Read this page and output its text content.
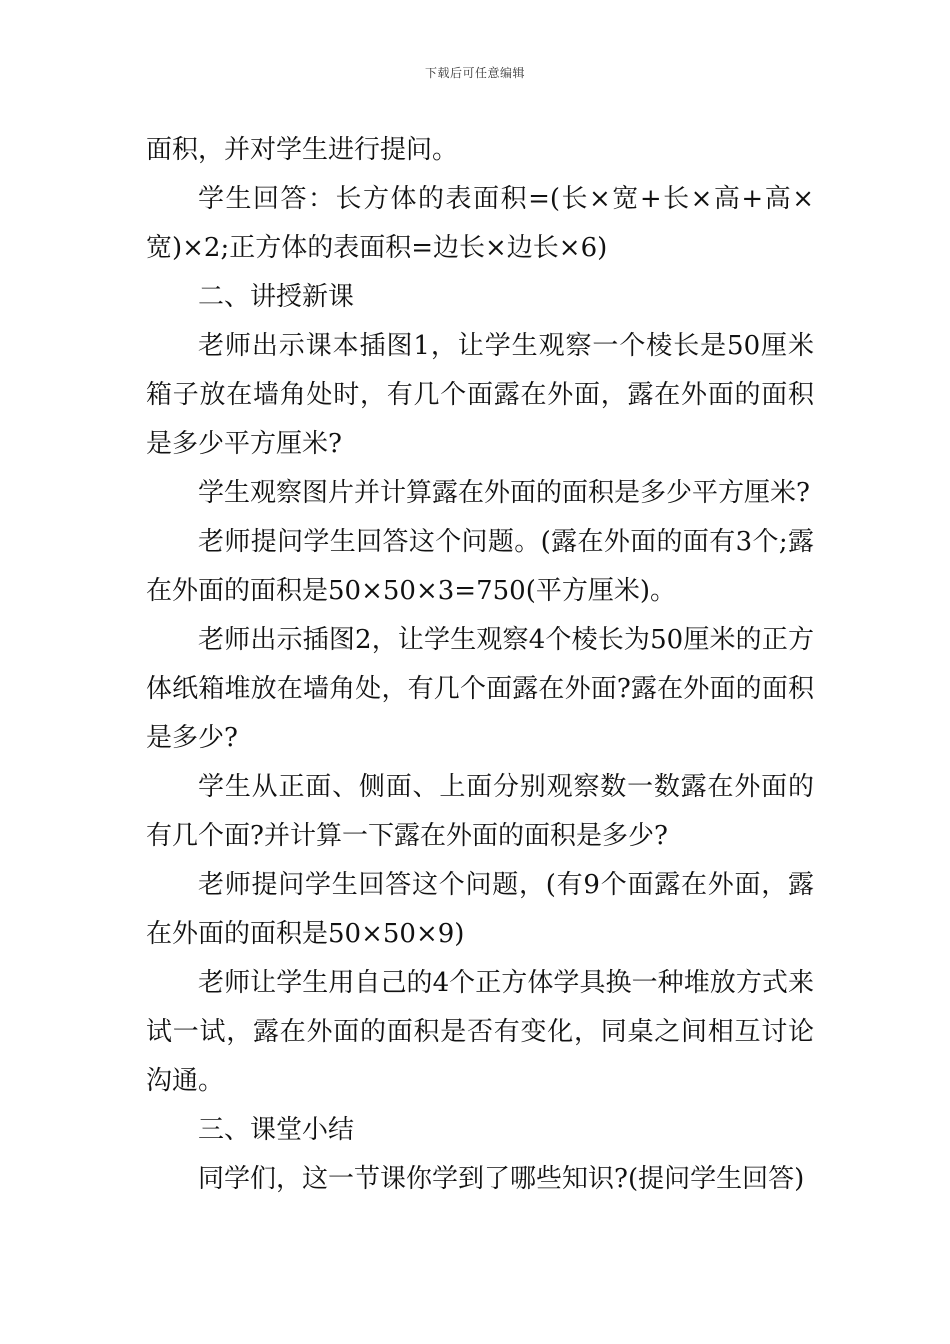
下载后可任意编辑

面积，并对学生进行提问。

学生回答：长方体的表面积=(长×宽+长×高+高×宽)×2;正方体的表面积=边长×边长×6)

二、讲授新课

老师出示课本插图1，让学生观察一个棱长是50厘米箱子放在墙角处时，有几个面露在外面，露在外面的面积是多少平方厘米?

学生观察图片并计算露在外面的面积是多少平方厘米?

老师提问学生回答这个问题。(露在外面的面有3个;露在外面的面积是50×50×3=750(平方厘米)。

老师出示插图2，让学生观察4个棱长为50厘米的正方体纸箱堆放在墙角处，有几个面露在外面?露在外面的面积是多少?

学生从正面、侧面、上面分别观察数一数露在外面的有几个面?并计算一下露在外面的面积是多少?

老师提问学生回答这个问题，(有9个面露在外面，露在外面的面积是50×50×9)

老师让学生用自己的4个正方体学具换一种堆放方式来试一试，露在外面的面积是否有变化，同桌之间相互讨论沟通。

三、课堂小结

同学们，这一节课你学到了哪些知识?(提问学生回答)
